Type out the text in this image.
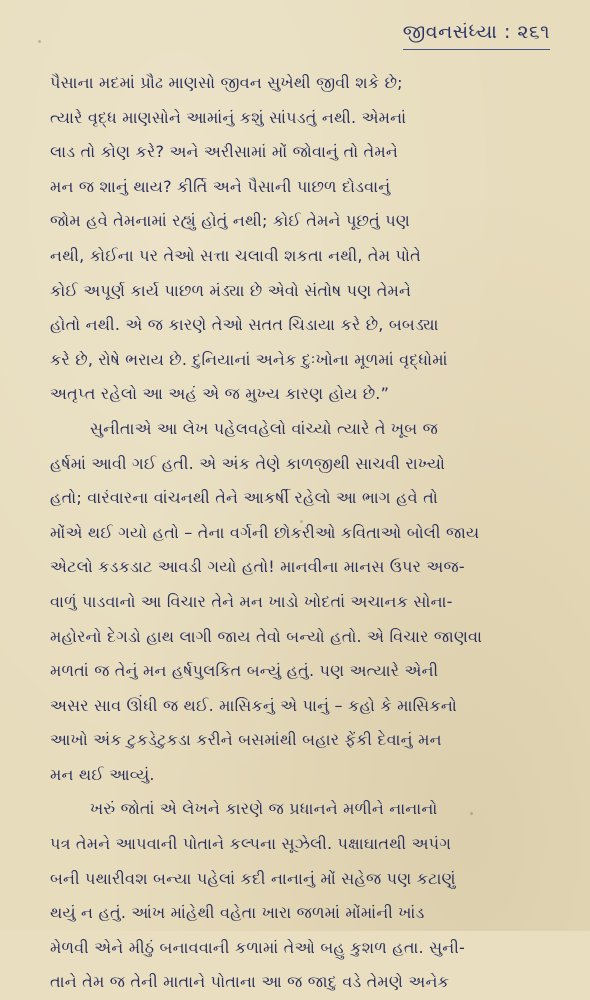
જીવનસંધ્યા : ૨૬૧
પૈસાના મદમાં પ્રૌઢ માણસો જીવન સુખેથી જીવી શકે છે;
ત્યારે વૃદ્ધ માણસોને આમાંનું કશું સાંપડતું નથી. એમનાં
લાડ તો કોણ કરે? અને અરીસામાં મોં જોવાનું તો તેમને
મન જ શાનું થાય? કીર્તિ અને પૈસાની પાછળ દોડવાનું
જોમ હવે તેમનામાં રહ્યું હોતું નથી; કોઈ તેમને પૂછતું પણ
નથી, કોઈના પર તેઓ સત્તા ચલાવી શકતા નથી, તેમ પોતે
કોઈ અપૂર્ણ કાર્ય પાછળ મંડ્યા છે એવો સંતોષ પણ તેમને
હોતો નથી. એ જ કારણે તેઓ સતત ચિડાયા કરે છે, બબડ્યા
કરે છે, રોષે ભરાય છે. દુનિયાનાં અનેક દુઃખોના મૂળમાં વૃદ્ધોમાં
અતૃપ્ત રહેલો આ અહં એ જ મુખ્ય કારણ હોય છે.”
સુનીતાએ આ લેખ પહેલવહેલો વાંચ્યો ત્યારે તે ખૂબ જ
હર્ષમાં આવી ગઈ હતી. એ અંક તેણે કાળજીથી સાચવી રાખ્યો
હતો; વારંવારના વાંચનથી તેને આકર્ષી રહેલો આ ભાગ હવે તો
મોંએ થઈ ગયો હતો – તેના વર્ગની છોકરીઓ કવિતાઓ બોલી જાય
એટલો કડકડાટ આવડી ગયો હતો! માનવીના માનસ ઉપર અજ-
વાળું પાડવાનો આ વિચાર તેને મન ખાડો ખોદતાં અચાનક સોના-
મહોરનો દેગડો હાથ લાગી જાય તેવો બન્યો હતો. એ વિચાર જાણવા
મળતાં જ તેનું મન હર્ષપુલકિત બન્યું હતું. પણ અત્યારે એની
અસર સાવ ઊંધી જ થઈ. માસિકનું એ પાનું – કહો કે માસિકનો
આખો અંક ટુકડેટુકડા કરીને બસમાંથી બહાર ફેંકી દેવાનું મન
મન થઈ આવ્યું.
ખરું જોતાં એ લેખને કારણે જ પ્રધાનને મળીને નાનાનો
પત્ર તેમને આપવાની પોતાને કલ્પના સૂઝેલી. પક્ષાઘાતથી અપંગ
બની પથારીવશ બન્યા પહેલાં કદી નાનાનું મોં સહેજ પણ કટાણું
થયું ન હતું. આંખ માંહેથી વહેતા ખારા જળમાં મોંમાંની ખાંડ
મેળવી એને મીઠું બનાવવાની કળામાં તેઓ બહુ કુશળ હતા. સુની-
તાને તેમ જ તેની માતાને પોતાના આ જ જાદુ વડે તેમણે અનેક
